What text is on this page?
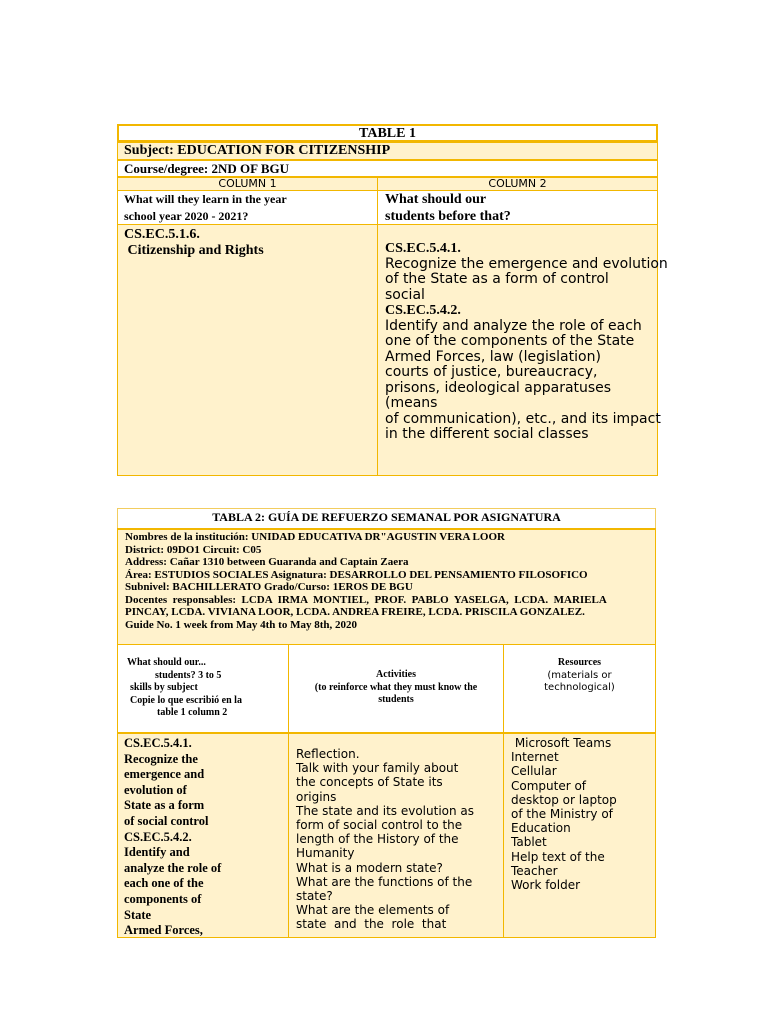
TABLE 1
Subject: EDUCATION FOR CITIZENSHIP
Course/degree: 2ND OF BGU
COLUMN 1	COLUMN 2
What will they learn in the year
school year 2020 - 2021?
What should our
students before that?
CS.EC.5.1.6.
Citizenship and Rights	CS.EC.5.4.1.
Recognize the emergence and evolution
of the State as a form of control
social
CS.EC.5.4.2.
Identify and analyze the role of each
one of the components of the State
Armed Forces, law (legislation)
courts of justice, bureaucracy,
prisons, ideological apparatuses
(means
of communication), etc., and its impact
in the different social classes
TABLA 2: GUÍA DE REFUERZO SEMANAL POR ASIGNATURA
Nombres de la institución: UNIDAD EDUCATIVA DR"AGUSTIN VERA LOOR
District: 09DO1 Circuit: C05
Address: Cañar 1310 between Guaranda and Captain Zaera
Área: ESTUDIOS SOCIALES Asignatura: DESARROLLO DEL PENSAMIENTO FILOSOFICO
Subnivel: BACHILLERATO Grado/Curso: 1EROS DE BGU
Docentes  responsables:  LCDA  IRMA  MONTIEL,  PROF.  PABLO  YASELGA,  LCDA.  MARIELA
PINCAY, LCDA. VIVIANA LOOR, LCDA. ANDREA FREIRE, LCDA. PRISCILA GONZALEZ.
Guide No. 1 week from May 4th to May 8th, 2020
What should our...
students? 3 to 5
skills by subject
Copie lo que escribió en la
table 1 column 2
Activities
(to reinforce what they must know the
students
Resources
(materials or
technological)
CS.EC.5.4.1.
Recognize the
emergence and
evolution of
State as a form
of social control
CS.EC.5.4.2.
Identify and
analyze the role of
each one of the
components of
State
Armed Forces,
Reflection.
Talk with your family about
the concepts of State its
origins
The state and its evolution as
form of social control to the
length of the History of the
Humanity
What is a modern state?
What are the functions of the
state?
What are the elements of
state  and  the  role  that
Microsoft Teams
Internet
Cellular
Computer of
desktop or laptop
of the Ministry of
Education
Tablet
Help text of the
Teacher
Work folder
